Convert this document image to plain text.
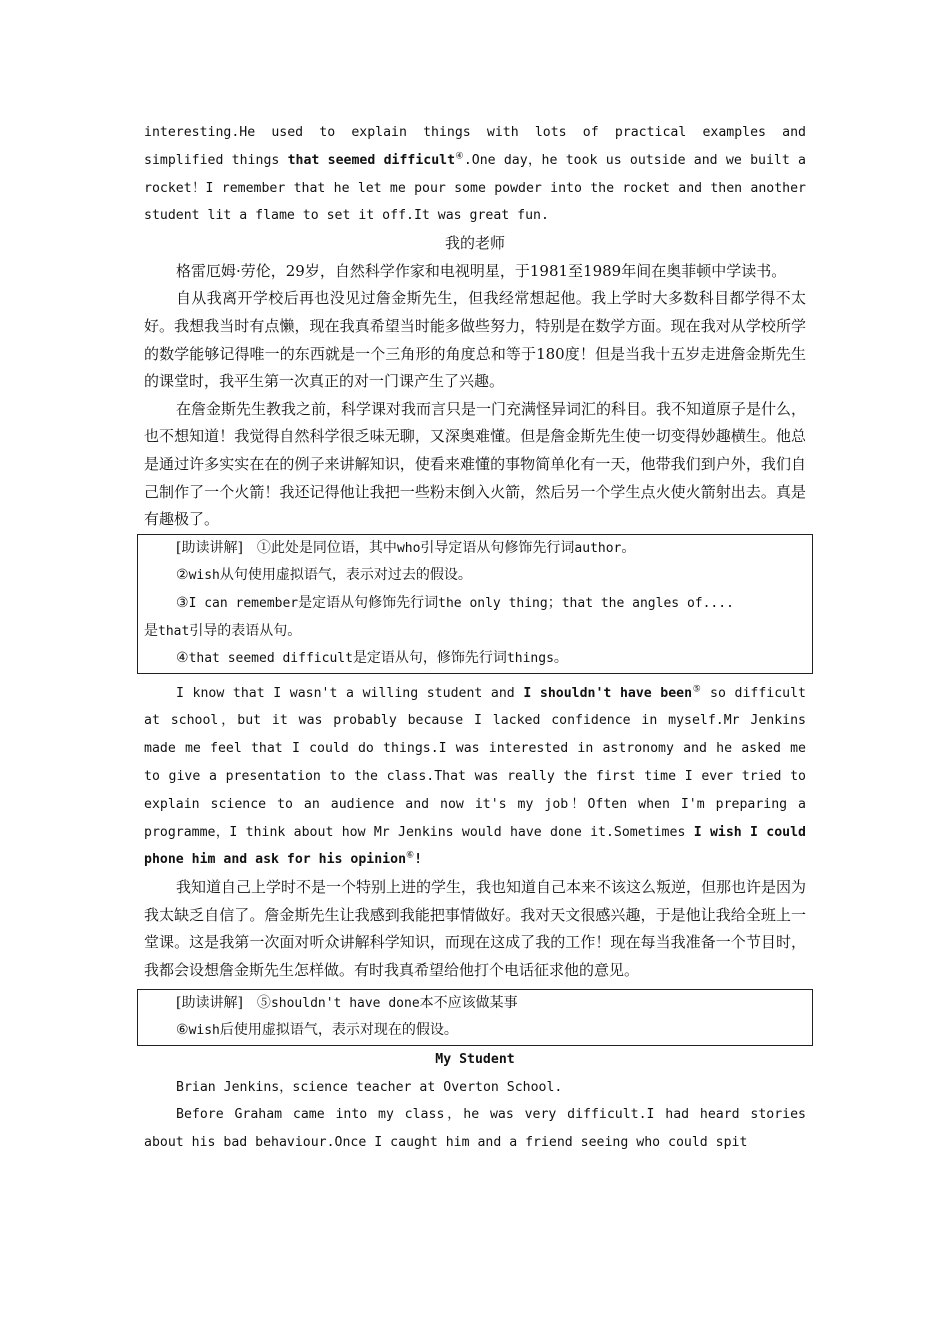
interesting.He used to explain things with lots of practical examples and simplified things that seemed difficult④.One day，he took us outside and we built a rocket！I remember that he let me pour some powder into the rocket and then another student lit a flame to set it off.It was great fun.

我的老师

格雷厄姆·劳伦，29岁，自然科学作家和电视明星，于1981至1989年间在奥菲顿中学读书。

自从我离开学校后再也没见过詹金斯先生，但我经常想起他。我上学时大多数科目都学得不太好。我想我当时有点懒，现在我真希望当时能多做些努力，特别是在数学方面。现在我对从学校所学的数学能够记得唯一的东西就是一个三角形的角度总和等于180度！但是当我十五岁走进詹金斯先生的课堂时，我平生第一次真正的对一门课产生了兴趣。

在詹金斯先生教我之前，科学课对我而言只是一门充满怪异词汇的科目。我不知道原子是什么，也不想知道！我觉得自然科学很乏味无聊，又深奥难懂。但是詹金斯先生使一切变得妙趣横生。他总是通过许多实实在在的例子来讲解知识，使看来难懂的事物简单化有一天，他带我们到户外，我们自己制作了一个火箭！我还记得他让我把一些粉末倒入火箭，然后另一个学生点火使火箭射出去。真是有趣极了。

[助读讲解]　①此处是同位语，其中who引导定语从句修饰先行词author。

②wish从句使用虚拟语气，表示对过去的假设。

③I can remember是定语从句修饰先行词the only thing；that the angles of....
是that引导的表语从句。

④that seemed difficult是定语从句，修饰先行词things。

I know that I wasn't a willing student and I shouldn't have been⑤ so difficult at school，but it was probably because I lacked confidence in myself.Mr Jenkins made me feel that I could do things.I was interested in astronomy and he asked me to give a presentation to the class.That was really the first time I ever tried to explain science to an audience and now it's my job！Often when I'm preparing a programme，I think about how Mr Jenkins would have done it.Sometimes I wish I could phone him and ask for his opinion⑥!

我知道自己上学时不是一个特别上进的学生，我也知道自己本来不该这么叛逆，但那也许是因为我太缺乏自信了。詹金斯先生让我感到我能把事情做好。我对天文很感兴趣，于是他让我给全班上一堂课。这是我第一次面对听众讲解科学知识，而现在这成了我的工作！现在每当我准备一个节目时，我都会设想詹金斯先生怎样做。有时我真希望给他打个电话征求他的意见。

[助读讲解]　⑤shouldn't have done本不应该做某事

⑥wish后使用虚拟语气，表示对现在的假设。

My Student

Brian Jenkins，science teacher at Overton School.

Before Graham came into my class，he was very difficult.I had heard stories about his bad behaviour.Once I caught him and a friend seeing who could spit
